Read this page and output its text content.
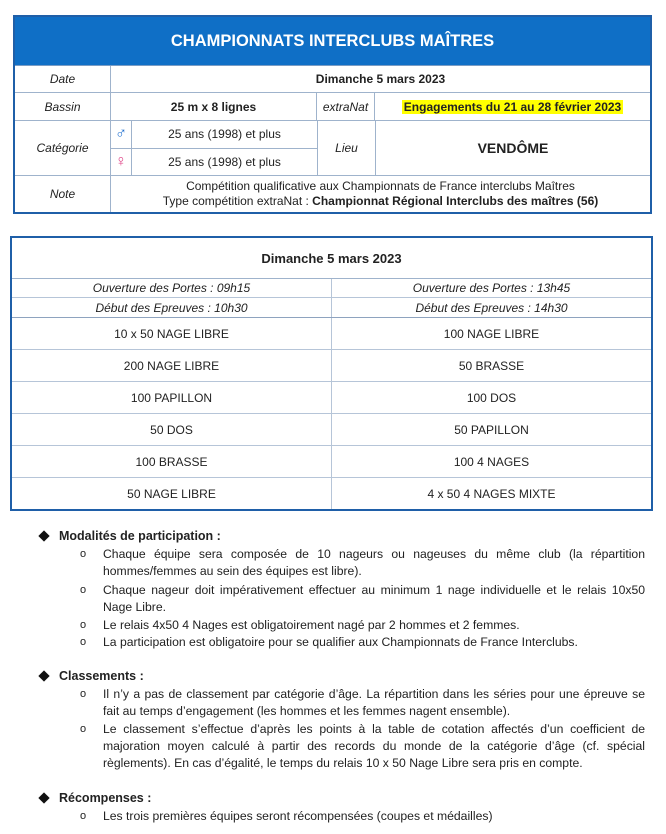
CHAMPIONNATS INTERCLUBS MAÎTRES
Date	Dimanche 5 mars 2023
Bassin	25 m x 8 lignes	extraNat	Engagements du 21 au 28 février 2023
Catégorie
♂	25 ans (1998) et plus
♀	25 ans (1998) et plus
Lieu	VENDÔME
Note
Compétition qualificative aux Championnats de France interclubs Maîtres
Type compétition extraNat : Championnat Régional Interclubs des maîtres (56)
Dimanche 5 mars 2023
Ouverture des Portes : 09h15	Ouverture des Portes : 13h45
Début des Epreuves : 10h30	Début des Epreuves : 14h30
10 x 50 NAGE LIBRE	100 NAGE LIBRE
200 NAGE LIBRE	50 BRASSE
100 PAPILLON	100 DOS
50 DOS	50 PAPILLON
100 BRASSE	100 4 NAGES
50 NAGE LIBRE	4 x 50 4 NAGES MIXTE
Modalités de participation :
o Chaque équipe sera composée de 10 nageurs ou nageuses du même club (la répartition hommes/femmes au sein des équipes est libre).
o Chaque nageur doit impérativement effectuer au minimum 1 nage individuelle et le relais 10x50 Nage Libre.
o Le relais 4x50 4 Nages est obligatoirement nagé par 2 hommes et 2 femmes.
o La participation est obligatoire pour se qualifier aux Championnats de France Interclubs.
Classements :
o Il n’y a pas de classement par catégorie d’âge. La répartition dans les séries pour une épreuve se fait au temps d’engagement (les hommes et les femmes nagent ensemble).
o Le classement s’effectue d’après les points à la table de cotation affectés d’un coefficient de majoration moyen calculé à partir des records du monde de la catégorie d’âge (cf. spécial règlements). En cas d’égalité, le temps du relais 10 x 50 Nage Libre sera pris en compte.
Récompenses :
o Les trois premières équipes seront récompensées (coupes et médailles)
